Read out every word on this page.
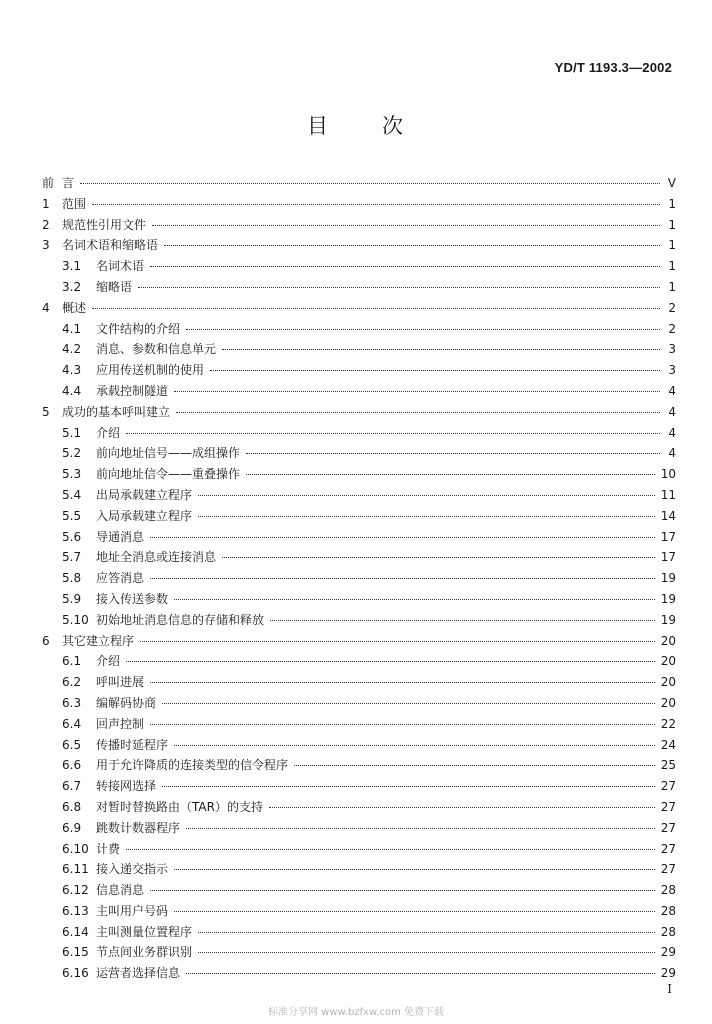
YD/T 1193.3—2002
目 次
前 言	Ⅴ
1	范围	1
2	规范性引用文件	1
3	名词术语和缩略语	1
3.1	名词术语	1
3.2	缩略语	1
4	概述	2
4.1	文件结构的介绍	2
4.2	消息、参数和信息单元	3
4.3	应用传送机制的使用	3
4.4	承载控制隧道	4
5	成功的基本呼叫建立	4
5.1	介绍	4
5.2	前向地址信号——成组操作	4
5.3	前向地址信令——重叠操作	10
5.4	出局承载建立程序	11
5.5	入局承载建立程序	14
5.6	导通消息	17
5.7	地址全消息或连接消息	17
5.8	应答消息	19
5.9	接入传送参数	19
5.10 初始地址消息信息的存储和释放	19
6	其它建立程序	20
6.1	介绍	20
6.2	呼叫进展	20
6.3	编解码协商	20
6.4	回声控制	22
6.5	传播时延程序	24
6.6	用于允许降质的连接类型的信令程序	25
6.7	转接网选择	27
6.8	对暂时替换路由（TAR）的支持	27
6.9	跳数计数器程序	27
6.10 计费	27
6.11 接入递交指示	27
6.12 信息消息	28
6.13 主叫用户号码	28
6.14 主叫测量位置程序	28
6.15 节点间业务群识别	29
6.16 运营者选择信息	29
I
标准分享网 www.bzfxw.com 免费下载
